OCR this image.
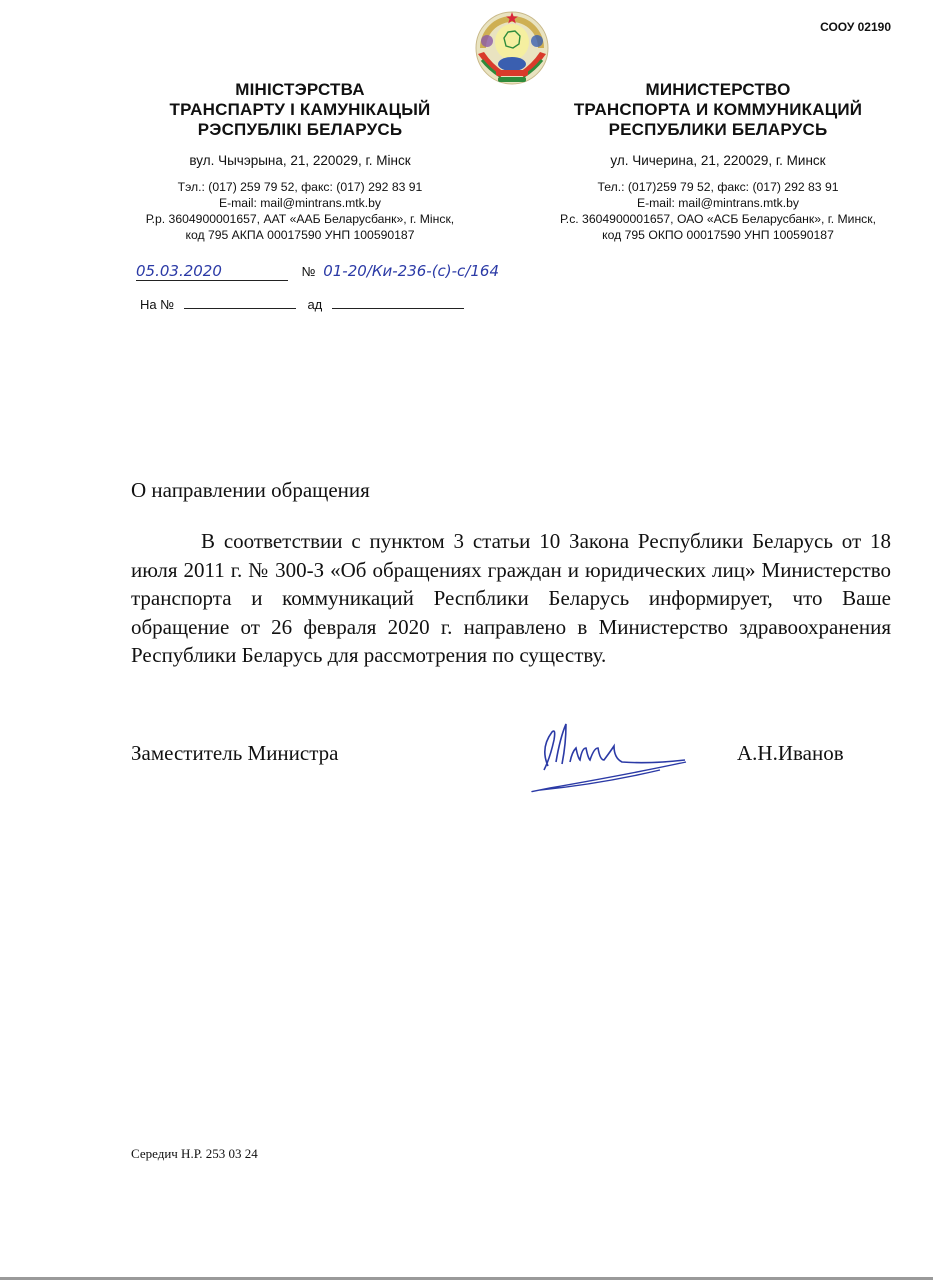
СООУ 02190
МІНІСТЭРСТВА
ТРАНСПАРТУ І КАМУНІКАЦЫЙ
РЭСПУБЛІКІ БЕЛАРУСЬ
вул. Чычэрына, 21, 220029, г. Мінск
Тэл.: (017) 259 79 52, факс: (017) 292 83 91
E-mail: mail@mintrans.mtk.by
Р.р. 3604900001657, ААТ «ААБ Беларусбанк», г. Мінск,
код 795 АКПА 00017590 УНП 100590187
МИНИСТЕРСТВО
ТРАНСПОРТА И КОММУНИКАЦИЙ
РЕСПУБЛИКИ БЕЛАРУСЬ
ул. Чичерина, 21, 220029, г. Минск
Тел.: (017)259 79 52, факс: (017) 292 83 91
E-mail: mail@mintrans.mtk.by
Р.с. 3604900001657, ОАО «АСБ Беларусбанк», г. Минск,
код 795 ОКПО 00017590 УНП 100590187
05.03.2020	№ 01-20/Ки-236-(с)-с/164
На №	ад
О направлении обращения
В соответствии с пунктом 3 статьи 10 Закона Республики Беларусь от 18 июля 2011 г. № 300-З «Об обращениях граждан и юридических лиц» Министерство транспорта и коммуникаций Респблики Беларусь информирует, что Ваше обращение от 26 февраля 2020 г. направлено в Министерство здравоохранения Республики Беларусь для рассмотрения по существу.
Заместитель Министра	А.Н.Иванов
Середич Н.Р. 253 03 24
